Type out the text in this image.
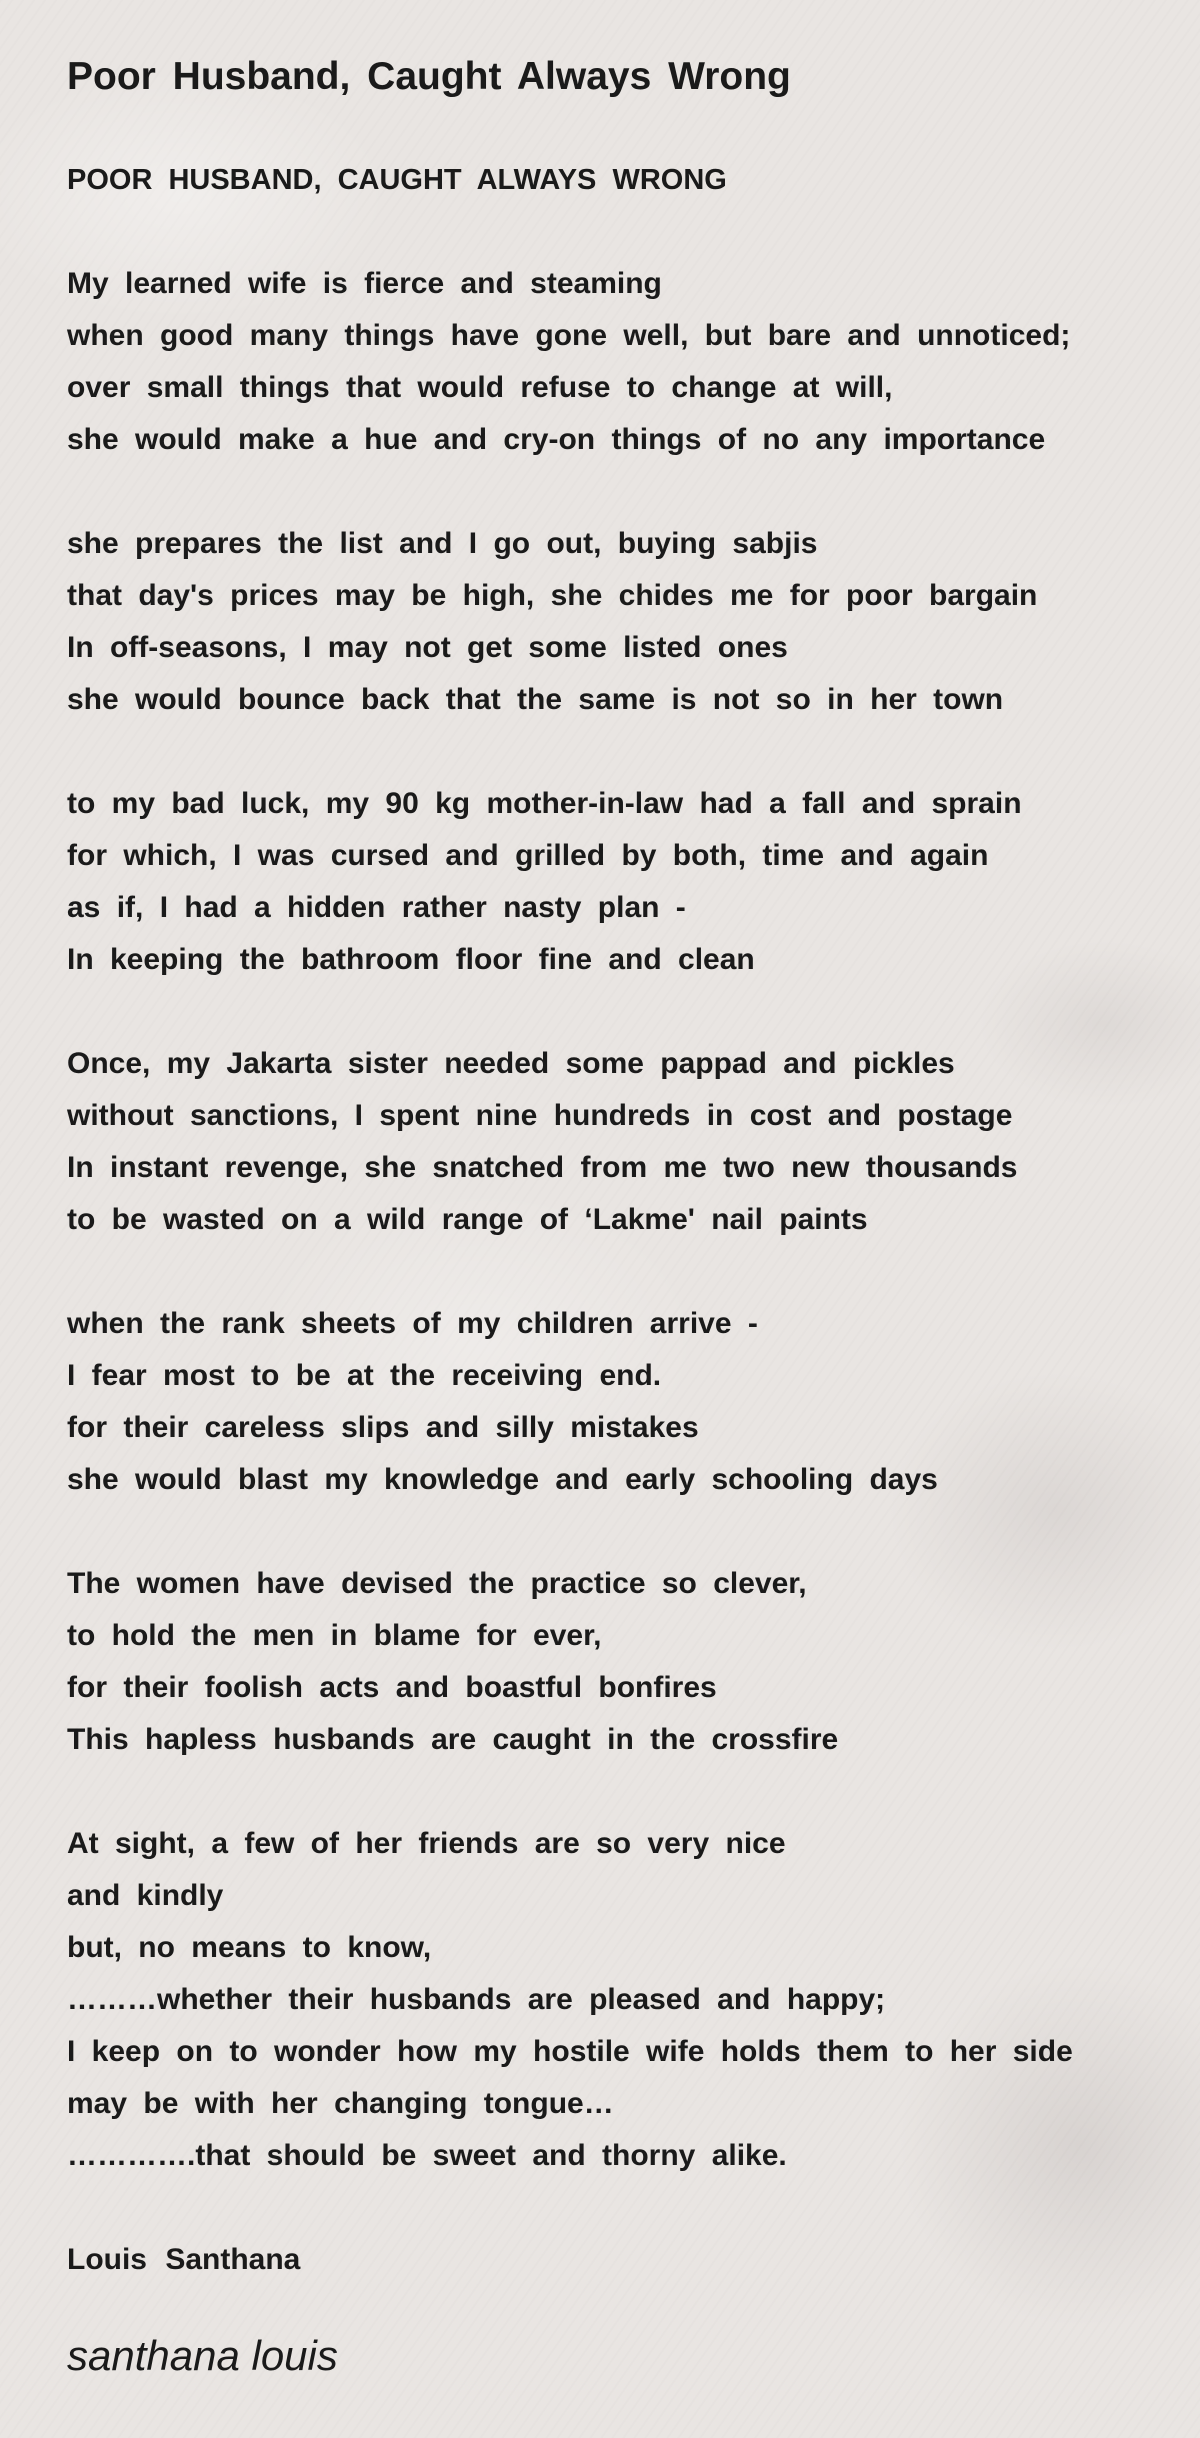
Poor Husband, Caught Always Wrong
POOR HUSBAND, CAUGHT ALWAYS WRONG
My learned wife is fierce and steaming
when good many things have gone well, but bare and unnoticed;
over small things that would refuse to change at will,
she would make a hue and cry-on things of no any importance
she prepares the list and I go out, buying sabjis
that day's prices may be high, she chides me for poor bargain
In off-seasons, I may not get some listed ones
she would bounce back that the same is not so in her town
to my bad luck, my 90 kg mother-in-law had a fall and sprain
for which, I was cursed and grilled by both, time and again
as if, I had a hidden rather nasty plan -
In keeping the bathroom floor fine and clean
Once, my Jakarta sister needed some pappad and pickles
without sanctions, I spent nine hundreds in cost and postage
In instant revenge, she snatched from me two new thousands
to be wasted on a wild range of ‘Lakme' nail paints
when the rank sheets of my children arrive -
I fear most to be at the receiving end.
for their careless slips and silly mistakes
she would blast my knowledge and early schooling days
The women have devised the practice so clever,
to hold the men in blame for ever,
for their foolish acts and boastful bonfires
This hapless husbands are caught in the crossfire
At sight, a few of her friends are so very nice
and kindly
but, no means to know,
………whether their husbands are pleased and happy;
I keep on to wonder how my hostile wife holds them to her side
may be with her changing tongue…
………….that should be sweet and thorny alike.
Louis Santhana
santhana louis
